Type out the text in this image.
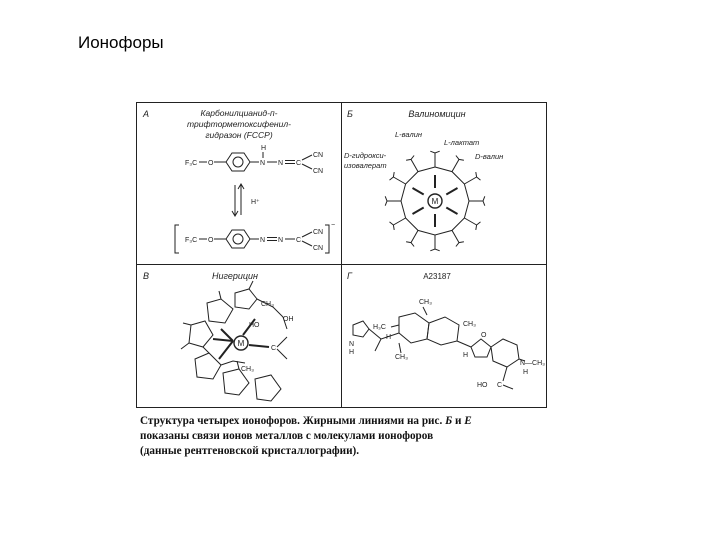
Ионофоры
A	Карбонилцианид-п-
трифторметоксифенил-
гидразон (FCCP)
H
F₃C O	N N C
CN
CN
H⁺
−
F₃C O	N N C
CN
CN
Б	Валиномицин
L-валин
L-лактат
D-гидрокси-
изовалерат
D-валин
M
В	Нигерицин
M
CH₃
OH
HO
C
CH₃
Г	A23187
CH₃
H₃C	CH₃
N
H
H
CH₃	H
O
N—CH₃
H
HO C

Структура четырех ионофоров. Жирными линиями на рис. Б и Е

показаны связи ионов металлов с молекулами ионофоров

(данные рентгеновской кристаллографии).
